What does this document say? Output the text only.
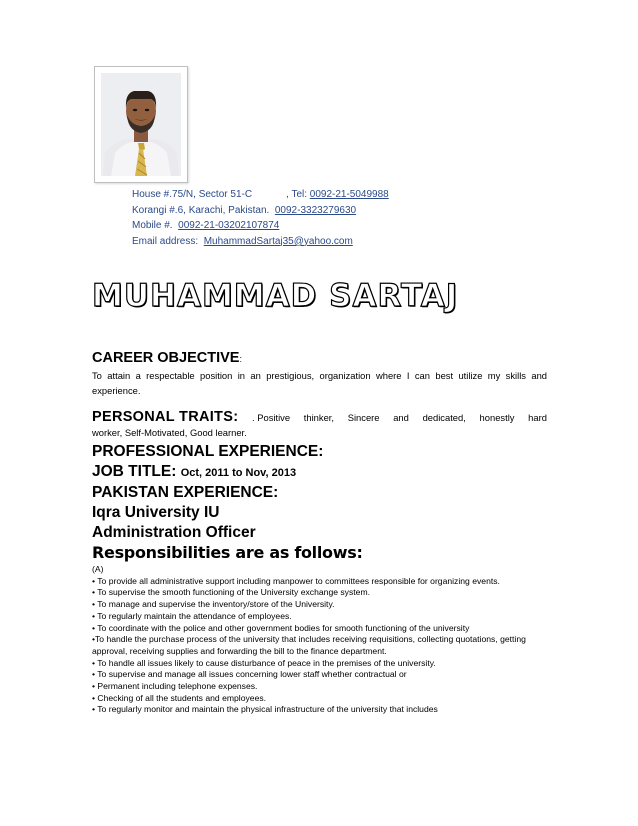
House #.75/N, Sector 51-C	, Tel: 0092-21-5049988
Korangi #.6, Karachi, Pakistan. 0092-3323279630
Mobile #. 0092-21-03202107874
Email address: MuhammadSartaj35@yahoo.com
MUHAMMAD SARTAJ
CAREER OBJECTIVE:
To attain a respectable position in an prestigious, organization where I can best utilize my skills and experience.
PERSONAL TRAITS: . Positive thinker, Sincere and dedicated, honestly hard
worker, Self-Motivated, Good learner.
PROFESSIONAL EXPERIENCE:
JOB TITLE: Oct, 2011 to Nov, 2013
PAKISTAN EXPERIENCE:
Iqra University IU
Administration Officer
Responsibilities are as follows:
(A)
• To provide all administrative support including manpower to committees responsible for organizing events.
• To supervise the smooth functioning of the University exchange system.
• To manage and supervise the inventory/store of the University.
• To regularly maintain the attendance of employees.
• To coordinate with the police and other government bodies for smooth functioning of the university
•To handle the purchase process of the university that includes receiving requisitions, collecting quotations, getting approval, receiving supplies and forwarding the bill to the finance department.
• To handle all issues likely to cause disturbance of peace in the premises of the university.
• To supervise and manage all issues concerning lower staff whether contractual or
• Permanent including telephone expenses.
• Checking of all the students and employees.
• To regularly monitor and maintain the physical infrastructure of the university that includes
